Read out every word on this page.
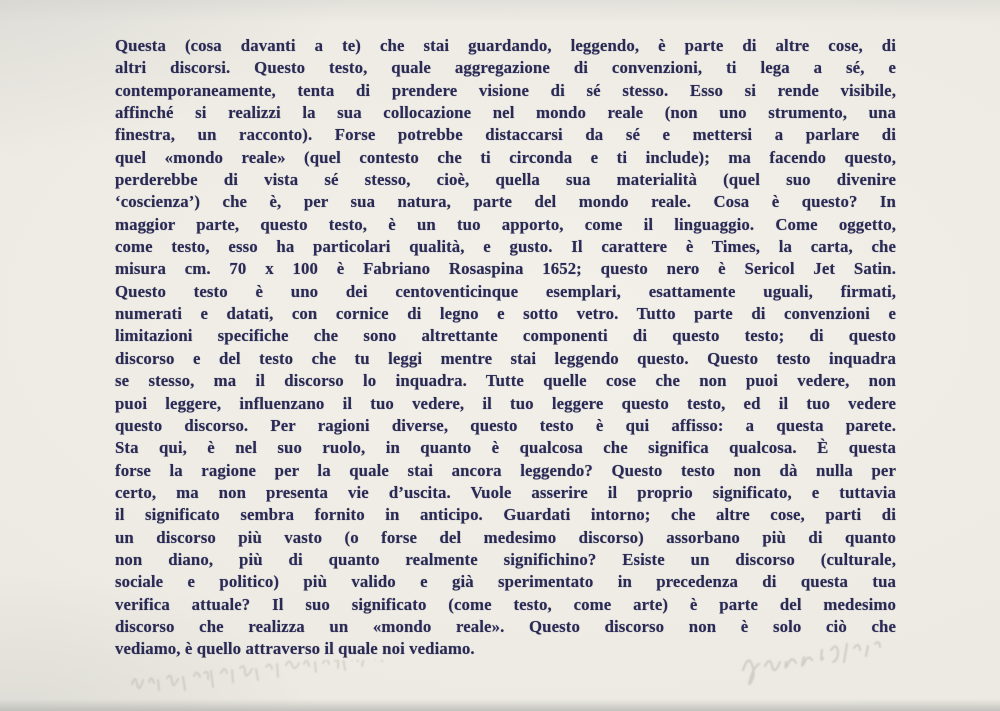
Questa (cosa davanti a te) che stai guardando, leggendo, è parte di altre cose, di
altri discorsi. Questo testo, quale aggregazione di convenzioni, ti lega a sé, e
contemporaneamente, tenta di prendere visione di sé stesso. Esso si rende visibile,
affinché si realizzi la sua collocazione nel mondo reale (non uno strumento, una
finestra, un racconto). Forse potrebbe distaccarsi da sé e mettersi a parlare di
quel «mondo reale» (quel contesto che ti circonda e ti include); ma facendo questo,
perderebbe di vista sé stesso, cioè, quella sua materialità (quel suo divenire
‘coscienza’) che è, per sua natura, parte del mondo reale. Cosa è questo? In
maggior parte, questo testo, è un tuo apporto, come il linguaggio. Come oggetto,
come testo, esso ha particolari qualità, e gusto. Il carattere è Times, la carta, che
misura cm. 70 x 100 è Fabriano Rosaspina 1652; questo nero è Sericol Jet Satin.
Questo testo è uno dei centoventicinque esemplari, esattamente uguali, firmati,
numerati e datati, con cornice di legno e sotto vetro. Tutto parte di convenzioni e
limitazioni specifiche che sono altrettante componenti di questo testo; di questo
discorso e del testo che tu leggi mentre stai leggendo questo. Questo testo inquadra
se stesso, ma il discorso lo inquadra. Tutte quelle cose che non puoi vedere, non
puoi leggere, influenzano il tuo vedere, il tuo leggere questo testo, ed il tuo vedere
questo discorso. Per ragioni diverse, questo testo è qui affisso: a questa parete.
Sta qui, è nel suo ruolo, in quanto è qualcosa che significa qualcosa. È questa
forse la ragione per la quale stai ancora leggendo? Questo testo non dà nulla per
certo, ma non presenta vie d’uscita. Vuole asserire il proprio significato, e tuttavia
il significato sembra fornito in anticipo. Guardati intorno; che altre cose, parti di
un discorso più vasto (o forse del medesimo discorso) assorbano più di quanto
non diano, più di quanto realmente significhino? Esiste un discorso (culturale,
sociale e politico) più valido e già sperimentato in precedenza di questa tua
verifica attuale? Il suo significato (come testo, come arte) è parte del medesimo
discorso che realizza un «mondo reale». Questo discorso non è solo ciò che
vediamo, è quello attraverso il quale noi vediamo.
